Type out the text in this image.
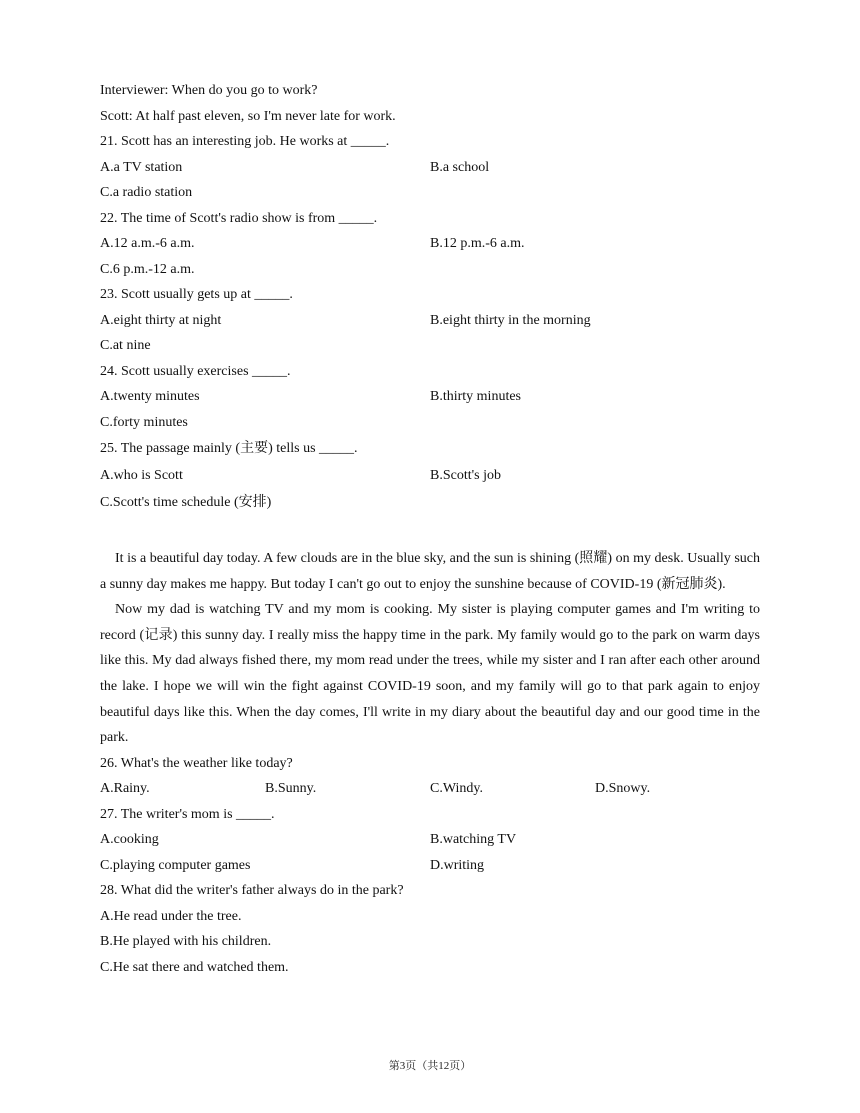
Interviewer: When do you go to work?
Scott: At half past eleven, so I'm never late for work.
21. Scott has an interesting job. He works at _____.
A.a TV station	B.a school
C.a radio station
22. The time of Scott's radio show is from _____.
A.12 a.m.-6 a.m.	B.12 p.m.-6 a.m.
C.6 p.m.-12 a.m.
23. Scott usually gets up at _____.
A.eight thirty at night	B.eight thirty in the morning
C.at nine
24. Scott usually exercises _____.
A.twenty minutes	B.thirty minutes
C.forty minutes
25. The passage mainly (主要) tells us _____.
A.who is Scott	B.Scott's job
C.Scott's time schedule (安排)
It is a beautiful day today. A few clouds are in the blue sky, and the sun is shining (照耀) on my desk. Usually such a sunny day makes me happy. But today I can't go out to enjoy the sunshine because of COVID-19 (新冠肺炎).
Now my dad is watching TV and my mom is cooking. My sister is playing computer games and I'm writing to record (记录) this sunny day. I really miss the happy time in the park. My family would go to the park on warm days like this. My dad always fished there, my mom read under the trees, while my sister and I ran after each other around the lake. I hope we will win the fight against COVID-19 soon, and my family will go to that park again to enjoy beautiful days like this. When the day comes, I'll write in my diary about the beautiful day and our good time in the park.
26. What's the weather like today?
A.Rainy.	B.Sunny.	C.Windy.	D.Snowy.
27. The writer's mom is _____.
A.cooking	B.watching TV
C.playing computer games	D.writing
28. What did the writer's father always do in the park?
A.He read under the tree.
B.He played with his children.
C.He sat there and watched them.
第3页（共12页）
